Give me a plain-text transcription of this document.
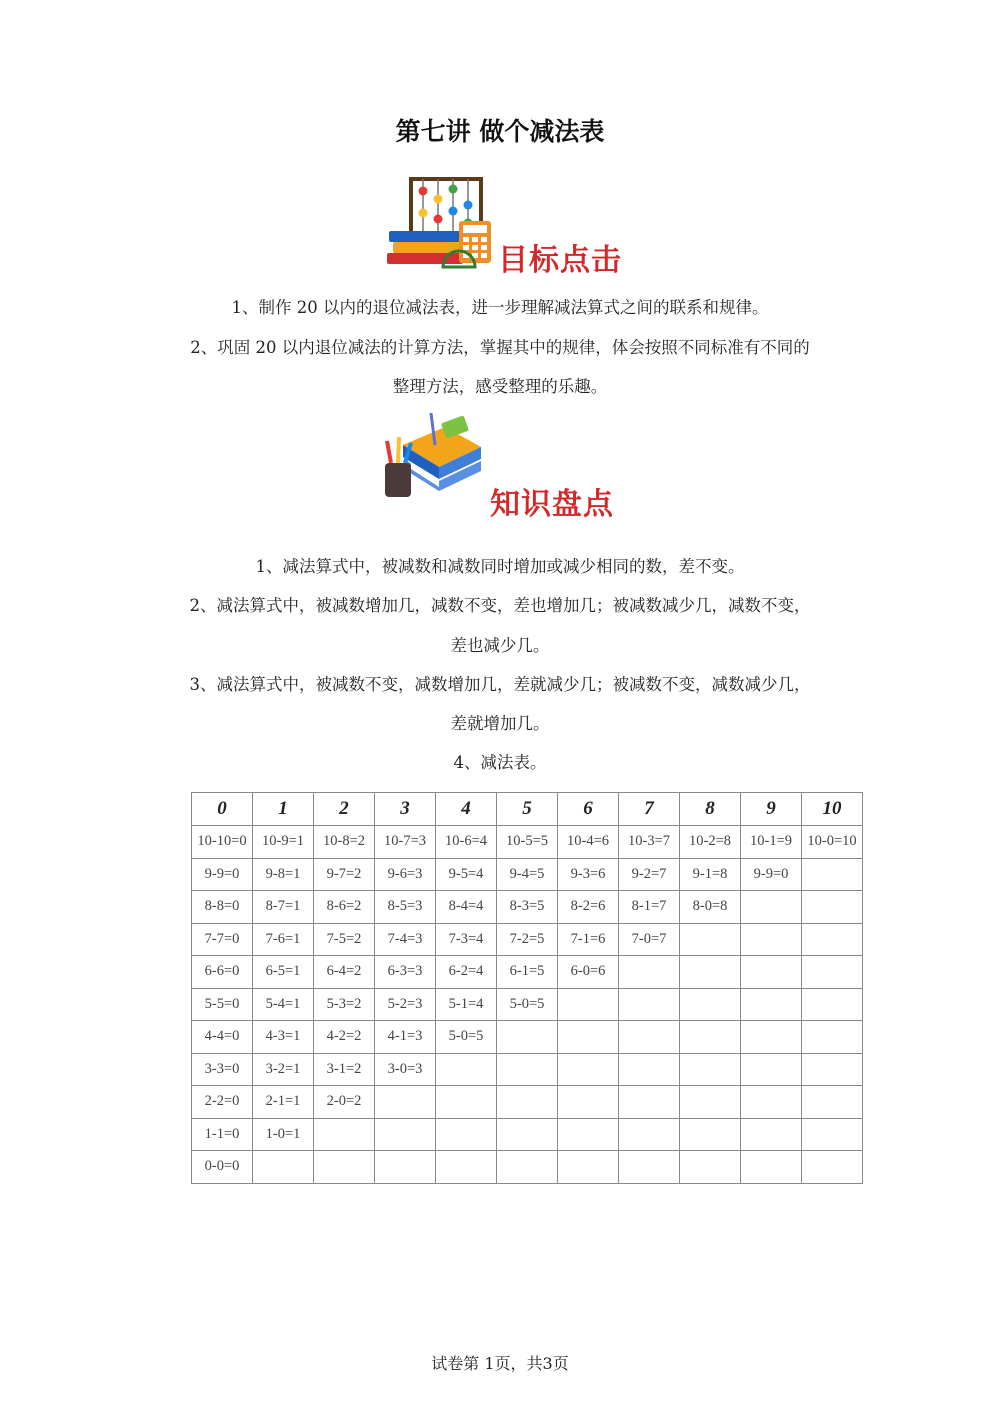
第七讲 做个减法表
目标点击
1、制作 20 以内的退位减法表，进一步理解减法算式之间的联系和规律。
2、巩固 20 以内退位减法的计算方法，掌握其中的规律，体会按照不同标准有不同的
整理方法，感受整理的乐趣。
知识盘点
1、减法算式中，被减数和减数同时增加或减少相同的数，差不变。
2、减法算式中，被减数增加几，减数不变，差也增加几；被减数减少几，减数不变，
差也减少几。
3、减法算式中，被减数不变，减数增加几，差就减少几；被减数不变，减数减少几，
差就增加几。
4、减法表。
0	1	2	3	4	5	6	7	8	9	10
10-10=0	10-9=1	10-8=2	10-7=3	10-6=4	10-5=5	10-4=6	10-3=7	10-2=8	10-1=9	10-0=10
9-9=0	9-8=1	9-7=2	9-6=3	9-5=4	9-4=5	9-3=6	9-2=7	9-1=8	9-9=0	
8-8=0	8-7=1	8-6=2	8-5=3	8-4=4	8-3=5	8-2=6	8-1=7	8-0=8		
7-7=0	7-6=1	7-5=2	7-4=3	7-3=4	7-2=5	7-1=6	7-0=7			
6-6=0	6-5=1	6-4=2	6-3=3	6-2=4	6-1=5	6-0=6				
5-5=0	5-4=1	5-3=2	5-2=3	5-1=4	5-0=5					
4-4=0	4-3=1	4-2=2	4-1=3	5-0=5						
3-3=0	3-2=1	3-1=2	3-0=3							
2-2=0	2-1=1	2-0=2								
1-1=0	1-0=1									
0-0=0										
试卷第 1页，共3页
